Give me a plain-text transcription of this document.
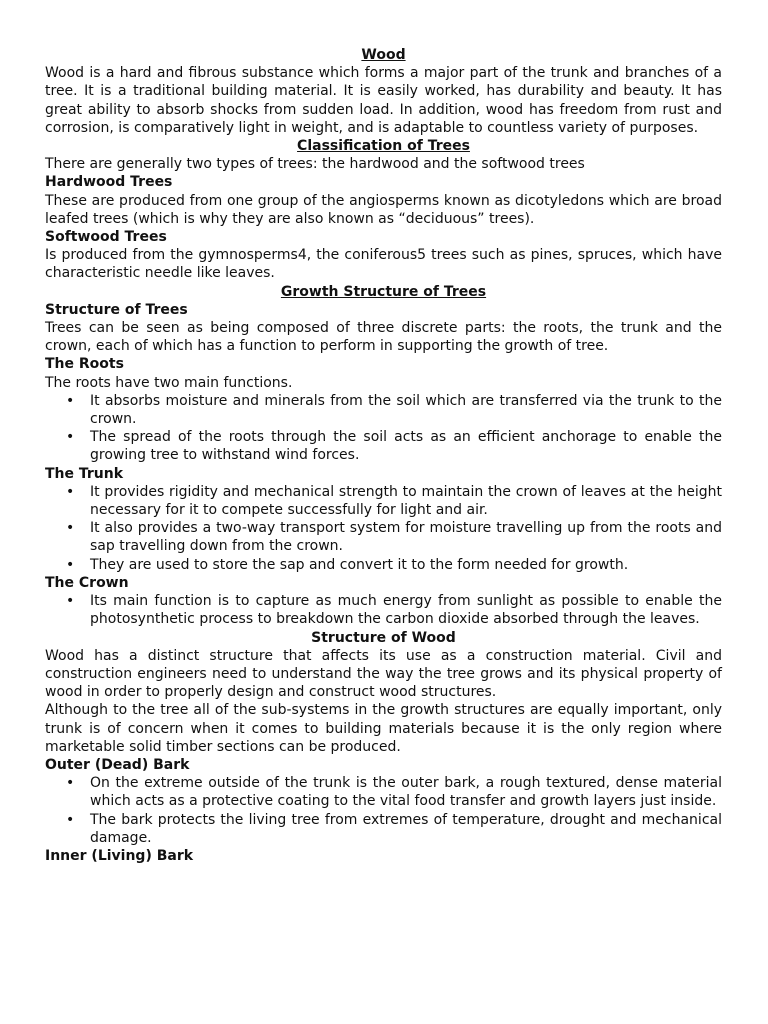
Wood

Wood is a hard and fibrous substance which forms a major part of the trunk and branches of a tree. It is a traditional building material. It is easily worked, has durability and beauty. It has great ability to absorb shocks from sudden load. In addition, wood has freedom from rust and corrosion, is comparatively light in weight, and is adaptable to countless variety of purposes.

Classification of Trees

There are generally two types of trees: the hardwood and the softwood trees

Hardwood Trees

These are produced from one group of the angiosperms known as dicotyledons which are broad leafed trees (which is why they are also known as “deciduous” trees).

Softwood Trees

Is produced from the gymnosperms4, the coniferous5 trees such as pines, spruces, which have characteristic needle like leaves.

Growth Structure of Trees

Structure of Trees

Trees can be seen as being composed of three discrete parts: the roots, the trunk and the crown, each of which has a function to perform in supporting the growth of tree.

The Roots

The roots have two main functions.

• It absorbs moisture and minerals from the soil which are transferred via the trunk to the crown.
• The spread of the roots through the soil acts as an efficient anchorage to enable the growing tree to withstand wind forces.

The Trunk

• It provides rigidity and mechanical strength to maintain the crown of leaves at the height necessary for it to compete successfully for light and air.
• It also provides a two-way transport system for moisture travelling up from the roots and sap travelling down from the crown.
• They are used to store the sap and convert it to the form needed for growth.

The Crown

• Its main function is to capture as much energy from sunlight as possible to enable the photosynthetic process to breakdown the carbon dioxide absorbed through the leaves.

Structure of Wood

Wood has a distinct structure that affects its use as a construction material. Civil and construction engineers need to understand the way the tree grows and its physical property of wood in order to properly design and construct wood structures.

Although to the tree all of the sub-systems in the growth structures are equally important, only trunk is of concern when it comes to building materials because it is the only region where marketable solid timber sections can be produced.

Outer (Dead) Bark

• On the extreme outside of the trunk is the outer bark, a rough textured, dense material which acts as a protective coating to the vital food transfer and growth layers just inside.
• The bark protects the living tree from extremes of temperature, drought and mechanical damage.

Inner (Living) Bark
